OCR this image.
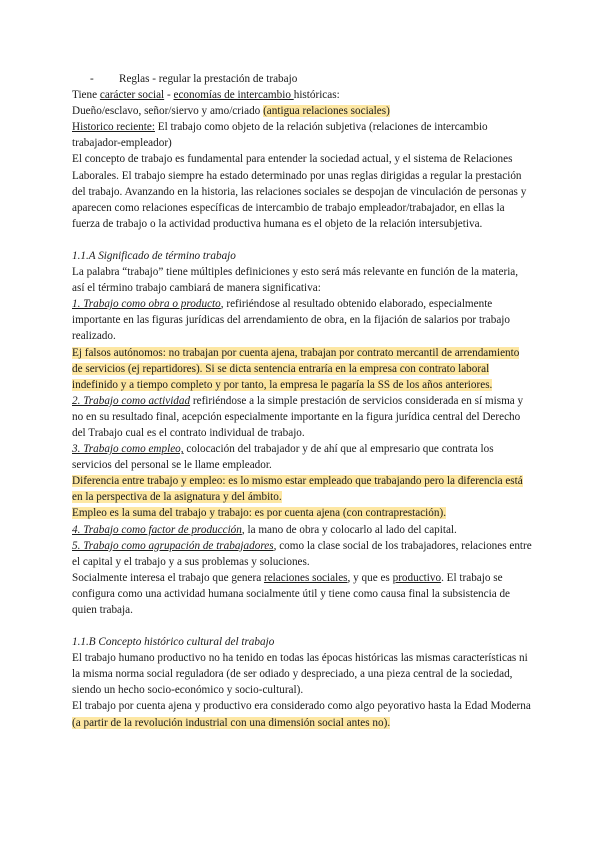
- Reglas - regular la prestación de trabajo

Tiene carácter social - economías de intercambio históricas:

Dueño/esclavo, señor/siervo y amo/criado (antigua relaciones sociales)

Historico reciente: El trabajo como objeto de la relación subjetiva (relaciones de intercambio trabajador-empleador)

El concepto de trabajo es fundamental para entender la sociedad actual, y el sistema de Relaciones Laborales. El trabajo siempre ha estado determinado por unas reglas dirigidas a regular la prestación del trabajo. Avanzando en la historia, las relaciones sociales se despojan de vinculación de personas y aparecen como relaciones específicas de intercambio de trabajo empleador/trabajador, en ellas la fuerza de trabajo o la actividad productiva humana es el objeto de la relación intersubjetiva.

1.1.A Significado de término trabajo

La palabra “trabajo” tiene múltiples definiciones y esto será más relevante en función de la materia, así el término trabajo cambiará de manera significativa:

1. Trabajo como obra o producto, refiriéndose al resultado obtenido elaborado, especialmente importante en las figuras jurídicas del arrendamiento de obra, en la fijación de salarios por trabajo realizado.

Ej falsos autónomos: no trabajan por cuenta ajena, trabajan por contrato mercantil de arrendamiento de servicios (ej repartidores). Si se dicta sentencia entraría en la empresa con contrato laboral indefinido y a tiempo completo y por tanto, la empresa le pagaría la SS de los años anteriores.

2. Trabajo como actividad refiriéndose a la simple prestación de servicios considerada en sí misma y no en su resultado final, acepción especialmente importante en la figura jurídica central del Derecho del Trabajo cual es el contrato individual de trabajo.

3. Trabajo como empleo, colocación del trabajador y de ahí que al empresario que contrata los servicios del personal se le llame empleador.

Diferencia entre trabajo y empleo: es lo mismo estar empleado que trabajando pero la diferencia está en la perspectiva de la asignatura y del ámbito.

Empleo es la suma del trabajo y trabajo: es por cuenta ajena (con contraprestación).

4. Trabajo como factor de producción, la mano de obra y colocarlo al lado del capital.

5. Trabajo como agrupación de trabajadores, como la clase social de los trabajadores, relaciones entre el capital y el trabajo y a sus problemas y soluciones.

Socialmente interesa el trabajo que genera relaciones sociales, y que es productivo. El trabajo se configura como una actividad humana socialmente útil y tiene como causa final la subsistencia de quien trabaja.

1.1.B Concepto histórico cultural del trabajo

El trabajo humano productivo no ha tenido en todas las épocas históricas las mismas características ni la misma norma social reguladora (de ser odiado y despreciado, a una pieza central de la sociedad, siendo un hecho socio-económico y socio-cultural).

El trabajo por cuenta ajena y productivo era considerado como algo peyorativo hasta la Edad Moderna (a partir de la revolución industrial con una dimensión social antes no).
